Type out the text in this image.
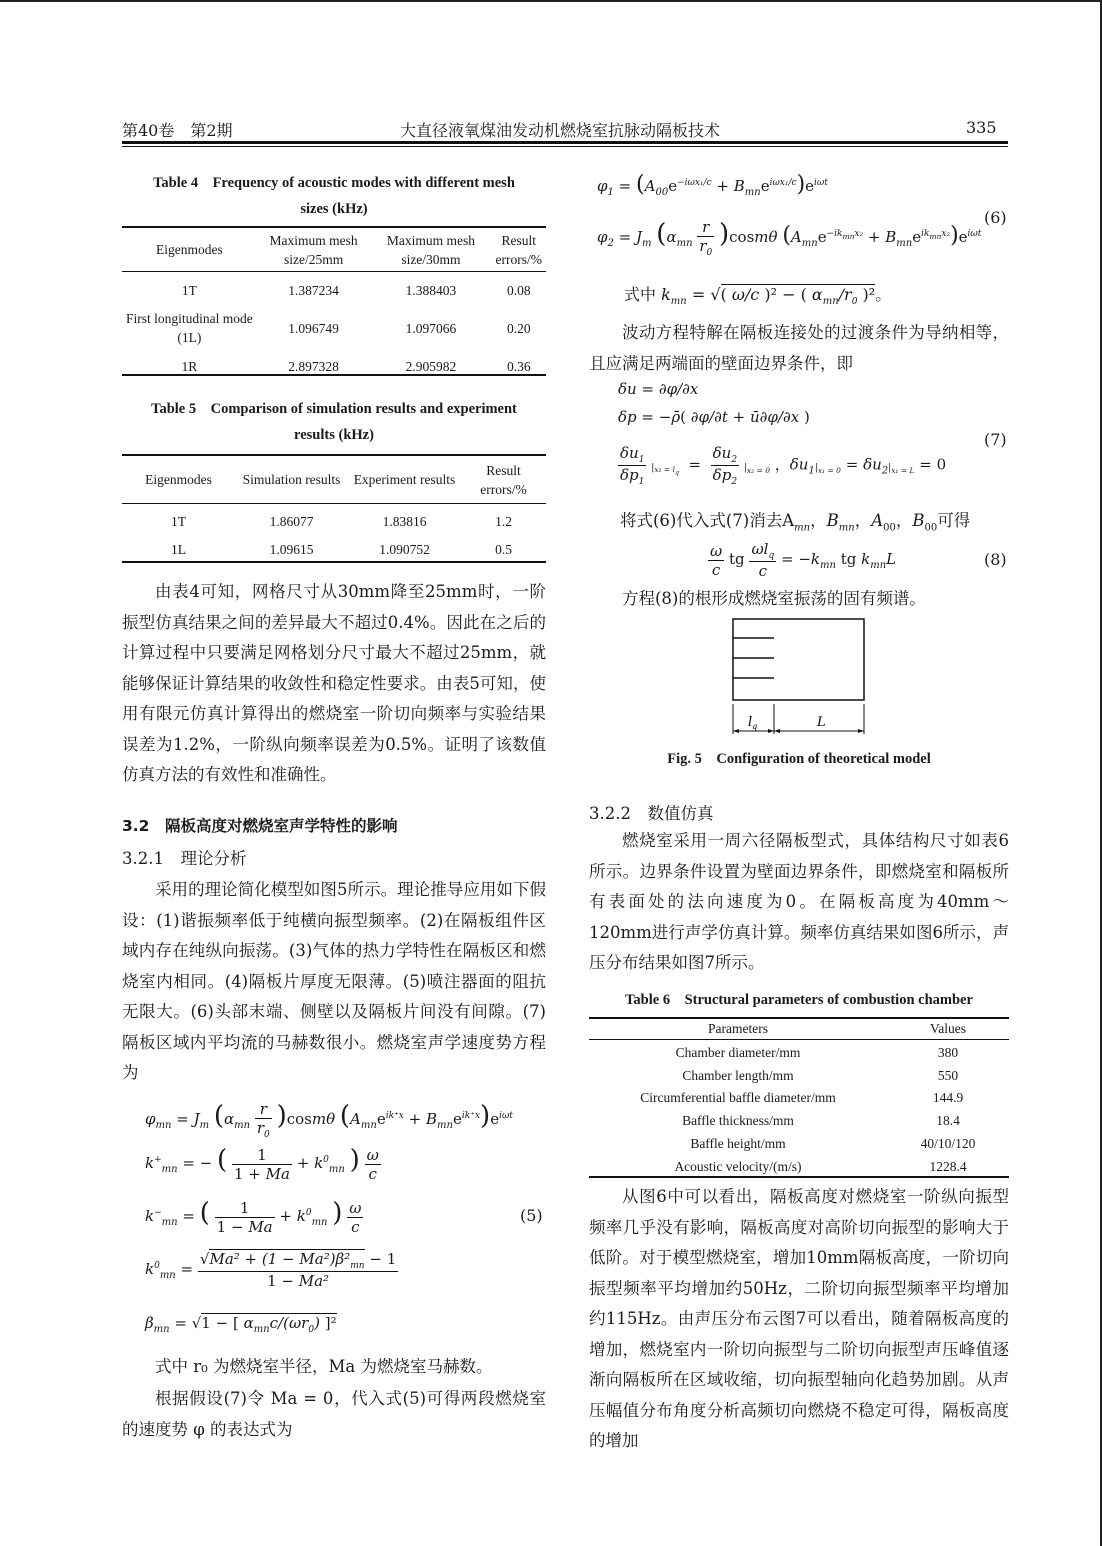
第40卷　第2期	大直径液氧煤油发动机燃烧室抗脉动隔板技术	335
Table 4　Frequency of acoustic modes with different mesh
sizes (kHz)
Eigenmodes	Maximum mesh size/25mm	Maximum mesh size/30mm	Result errors/%

1T	1.387234	1.388403	0.08
First longitudinal mode (1L)	1.096749	1.097066	0.20
1R	2.897328	2.905982	0.36
Table 5　Comparison of simulation results and experiment
results (kHz)
Eigenmodes	Simulation results	Experiment results	Result errors/%

1T	1.86077	1.83816	1.2
1L	1.09615	1.090752	0.5

由表4可知，网格尺寸从30mm降至25mm时，一阶振型仿真结果之间的差异最大不超过0.4%。因此在之后的计算过程中只要满足网格划分尺寸最大不超过25mm，就能够保证计算结果的收敛性和稳定性要求。由表5可知，使用有限元仿真计算得出的燃烧室一阶切向频率与实验结果误差为1.2%，一阶纵向频率误差为0.5%。证明了该数值仿真方法的有效性和准确性。

3.2　隔板高度对燃烧室声学特性的影响
3.2.1　理论分析

采用的理论简化模型如图5所示。理论推导应用如下假设：(1)谐振频率低于纯横向振型频率。(2)在隔板组件区域内存在纯纵向振荡。(3)气体的热力学特性在隔板区和燃烧室内相同。(4)隔板片厚度无限薄。(5)喷注器面的阻抗无限大。(6)头部末端、侧壁以及隔板片间没有间隙。(7)隔板区域内平均流的马赫数很小。燃烧室声学速度势方程为

$\varphi_{mn} = J_m$ $(\alpha_{mn} \frac{r}{r_0} )\cos m\theta$ $(A_{mn}e^{ik^+x} + B_{mn}e^{ik^+x})e^{i\omega t}$
$k^+_{mn}$ = − ( $\frac{1}{1 + Ma} + k^0_{mn}$ ) $\frac{\omega}{c}$
$k^-_{mn}$ = ( $\frac{1}{1 - Ma} + k^0_{mn}$ ) $\frac{\omega}{c}$	(5)
$k^0_{mn} = \frac{√Ma^2 + (1 - Ma^2)\beta^2_{mn} - 1}{\text{1 − Ma²}}$
$\beta_{mn} = √1$ − [ $\alpha_{mn}c/(\omega r_0)$ ]²

式中 r₀ 为燃烧室半径，Ma 为燃烧室马赫数。

根据假设(7)令 Ma = 0，代入式(5)可得两段燃烧室的速度势 φ 的表达式为

$\varphi_1 = (A_{00}e^{-i\omega x_1/c} + B_{mn}e^{i\omega x_1/c})e^{i\omega t}$
$\varphi_2 = J_m$ $(\alpha_{mn} \frac{r}{r_0} )\cos m\theta$ $(A_{mn}e^{-ik_{mn}x_2} + B_{mn}e^{ik_{mn}x_2})e^{i\omega t}$
(6)
式中 $k_{mn}$ = √( ω/c )² − ( $\alpha_{mn}/r_0$ )²。

波动方程特解在隔板连接处的过渡条件为导纳相等，且应满足两端面的壁面边界条件，即

δu = ∂φ/∂x
δp = −ρ̄( ∂φ/∂t + ū∂φ/∂x )
$\frac{\delta u_1}{\delta p_1} |_{x_1 = l_q} = \frac{\delta u_2}{\delta p_2} |_{x_2 = 0}$ ，$\delta u_1|_{x_1 = 0} = \delta u_2|_{x_1 = L} = 0$
(7)
将式(6)代入式(7)消去$A_{mn}$，$B_{mn}$，$A_{00}$，$B_{00}$可得
$\frac{\omega}{c}$ tg $\frac{\omega l_q}{c} = -k_{mn}$ tg $k_{mn}L$	(8)

方程(8)的根形成燃烧室振荡的固有频谱。

$l_q$	L
Fig. 5　Configuration of theoretical model
3.2.2　数值仿真

燃烧室采用一周六径隔板型式，具体结构尺寸如表6所示。边界条件设置为壁面边界条件，即燃烧室和隔板所有表面处的法向速度为0。在隔板高度为40mm～120mm进行声学仿真计算。频率仿真结果如图6所示，声压分布结果如图7所示。

Table 6　Structural parameters of combustion chamber
Parameters	Values

Chamber diameter/mm	380
Chamber length/mm	550
Circumferential baffle diameter/mm	144.9
Baffle thickness/mm	18.4
Baffle height/mm	40/10/120
Acoustic velocity/(m/s)	1228.4

从图6中可以看出，隔板高度对燃烧室一阶纵向振型频率几乎没有影响，隔板高度对高阶切向振型的影响大于低阶。对于模型燃烧室，增加10mm隔板高度，一阶切向振型频率平均增加约50Hz，二阶切向振型频率平均增加约115Hz。由声压分布云图7可以看出，随着隔板高度的增加，燃烧室内一阶切向振型与二阶切向振型声压峰值逐渐向隔板所在区域收缩，切向振型轴向化趋势加剧。从声压幅值分布角度分析高频切向燃烧不稳定可得，隔板高度的增加
